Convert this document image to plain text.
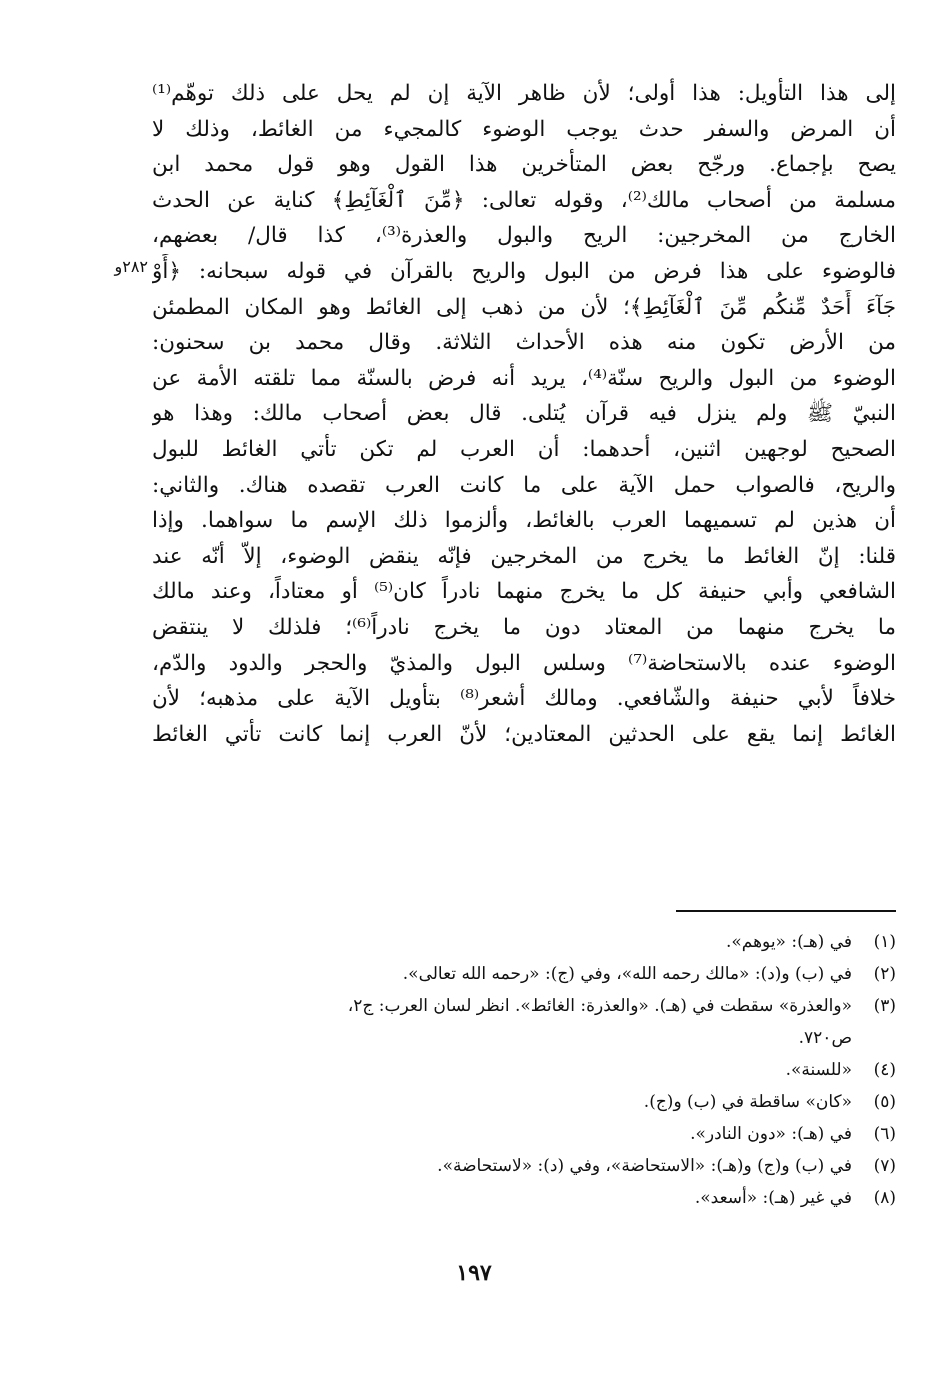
إلى هذا التأويل: هذا أولى؛ لأن ظاهر الآية إن لم يحل على ذلك توهّم⁽¹⁾
أن المرض والسفر حدث يوجب الوضوء كالمجيء من الغائط، وذلك لا
يصح بإجماع. ورجّح بعض المتأخرين هذا القول وهو قول محمد ابن
مسلمة من أصحاب مالك⁽²⁾، وقوله تعالى: ﴿مِّنَ ٱلْغَآئِطِ﴾ كناية عن الحدث
الخارج من المخرجين: الريح والبول والعذرة⁽³⁾، كذا قال/ بعضهم،
فالوضوء على هذا فرض من البول والريح بالقرآن في قوله سبحانه: ﴿أَوْ
جَآءَ أَحَدٌ مِّنكُم مِّنَ ٱلْغَآئِطِ﴾؛ لأن من ذهب إلى الغائط وهو المكان المطمئن
من الأرض تكون منه هذه الأحداث الثلاثة. وقال محمد بن سحنون:
الوضوء من البول والريح سنّة⁽⁴⁾، يريد أنه فرض بالسنّة مما تلقته الأمة عن
النبيّ ﷺ ولم ينزل فيه قرآن يُتلى. قال بعض أصحاب مالك: وهذا هو
الصحيح لوجهين اثنين، أحدهما: أن العرب لم تكن تأتي الغائط للبول
والريح، فالصواب حمل الآية على ما كانت العرب تقصده هناك. والثاني:
أن هذين لم تسميهما العرب بالغائط، وألزموا ذلك الإسم ما سواهما. وإذا
قلنا: إنّ الغائط ما يخرج من المخرجين فإنّه ينقض الوضوء، إلاّ أنّه عند
الشافعي وأبي حنيفة كل ما يخرج منهما نادراً كان⁽⁵⁾ أو معتاداً، وعند مالك
ما يخرج منهما من المعتاد دون ما يخرج نادراً⁽⁶⁾؛ فلذلك لا ينتقض
الوضوء عنده بالاستحاضة⁽⁷⁾ وسلس البول والمذيّ والحجر والدود والدّم،
خلافاً لأبي حنيفة والشّافعي. ومالك أشعر⁽⁸⁾ بتأويل الآية على مذهبه؛ لأن
الغائط إنما يقع على الحدثين المعتادين؛ لأنّ العرب إنما كانت تأتي الغائط
٢٨٢و
(١)
في (هـ): «يوهم».
(٢)
في (ب) و(د): «مالك رحمه الله»، وفي (ج): «رحمه الله تعالى».
(٣)
«والعذرة» سقطت في (هـ). «والعذرة: الغائط». انظر لسان العرب: ج٢،
ص٧٢٠.
(٤)
«للسنة».
(٥)
«كان» ساقطة في (ب) و(ج).
(٦)
في (هـ): «دون النادر».
(٧)
في (ب) و(ج) و(هـ): «الاستحاضة»، وفي (د): «لاستحاضة».
(٨)
في غير (هـ): «أسعد».
١٩٧
